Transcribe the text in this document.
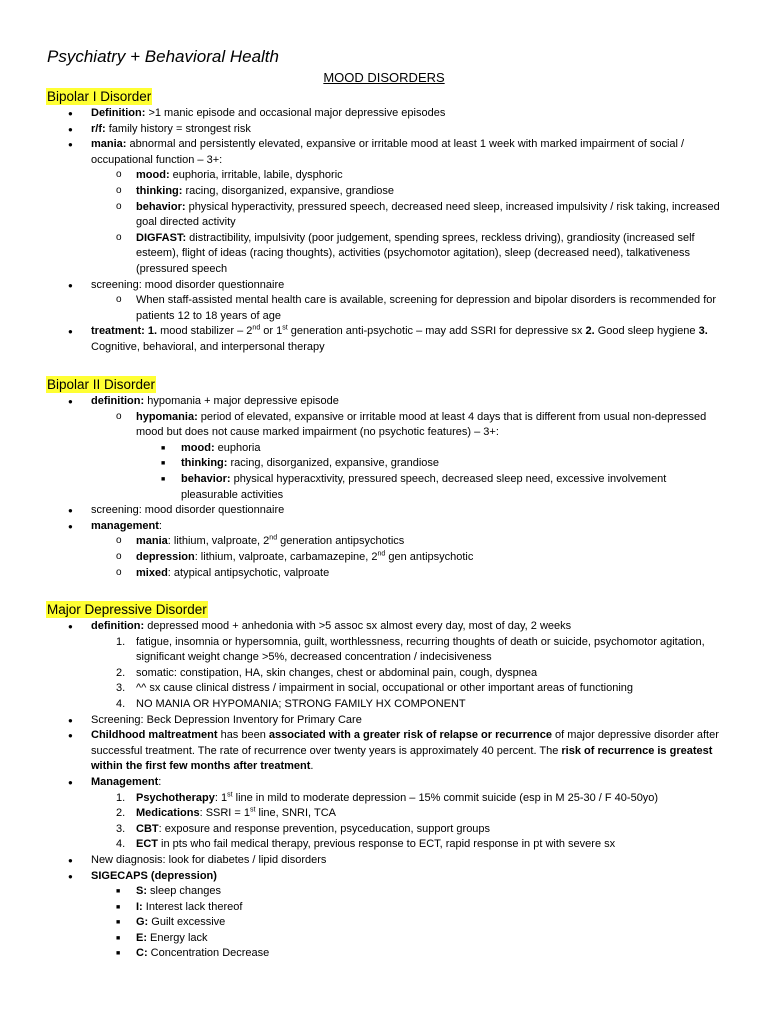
Psychiatry + Behavioral Health
MOOD DISORDERS
Bipolar I Disorder
● Definition: >1 manic episode and occasional major depressive episodes
● r/f: family history = strongest risk
● mania: abnormal and persistently elevated, expansive or irritable mood at least 1 week with marked impairment of social / occupational function – 3+:
o mood: euphoria, irritable, labile, dysphoric
o thinking: racing, disorganized, expansive, grandiose
o behavior: physical hyperactivity, pressured speech, decreased need sleep, increased impulsivity / risk taking, increased goal directed activity
o DIGFAST: distractibility, impulsivity (poor judgement, spending sprees, reckless driving), grandiosity (increased self esteem), flight of ideas (racing thoughts), activities (psychomotor agitation), sleep (decreased need), talkativeness (pressured speech
● screening: mood disorder questionnaire
o When staff-assisted mental health care is available, screening for depression and bipolar disorders is recommended for patients 12 to 18 years of age
● treatment: 1. mood stabilizer – 2nd or 1st generation anti-psychotic – may add SSRI for depressive sx 2. Good sleep hygiene 3. Cognitive, behavioral, and interpersonal therapy
Bipolar II Disorder
● definition: hypomania + major depressive episode
o hypomania: period of elevated, expansive or irritable mood at least 4 days that is different from usual non-depressed mood but does not cause marked impairment (no psychotic features) – 3+:
■ mood: euphoria
■ thinking: racing, disorganized, expansive, grandiose
■ behavior: physical hyperacxtivity, pressured speech, decreased sleep need, excessive involvement pleasurable activities
● screening: mood disorder questionnaire
● management:
o mania: lithium, valproate, 2nd generation antipsychotics
o depression: lithium, valproate, carbamazepine, 2nd gen antipsychotic
o mixed: atypical antipsychotic, valproate
Major Depressive Disorder
● definition: depressed mood + anhedonia with >5 assoc sx almost every day, most of day, 2 weeks
1. fatigue, insomnia or hypersomnia, guilt, worthlessness, recurring thoughts of death or suicide, psychomotor agitation, significant weight change >5%, decreased concentration / indecisiveness
2. somatic: constipation, HA, skin changes, chest or abdominal pain, cough, dyspnea
3. ^^ sx cause clinical distress / impairment in social, occupational or other important areas of functioning
4. NO MANIA OR HYPOMANIA; STRONG FAMILY HX COMPONENT
● Screening: Beck Depression Inventory for Primary Care
● Childhood maltreatment has been associated with a greater risk of relapse or recurrence of major depressive disorder after successful treatment. The rate of recurrence over twenty years is approximately 40 percent. The risk of recurrence is greatest within the first few months after treatment.
● Management:
1. Psychotherapy: 1st line in mild to moderate depression – 15% commit suicide (esp in M 25-30 / F 40-50yo)
2. Medications: SSRI = 1st line, SNRI, TCA
3. CBT: exposure and response prevention, psyceducation, support groups
4. ECT in pts who fail medical therapy, previous response to ECT, rapid response in pt with severe sx
● New diagnosis: look for diabetes / lipid disorders
● SIGECAPS (depression)
■ S: sleep changes
■ I: Interest lack thereof
■ G: Guilt excessive
■ E: Energy lack
■ C: Concentration Decrease
